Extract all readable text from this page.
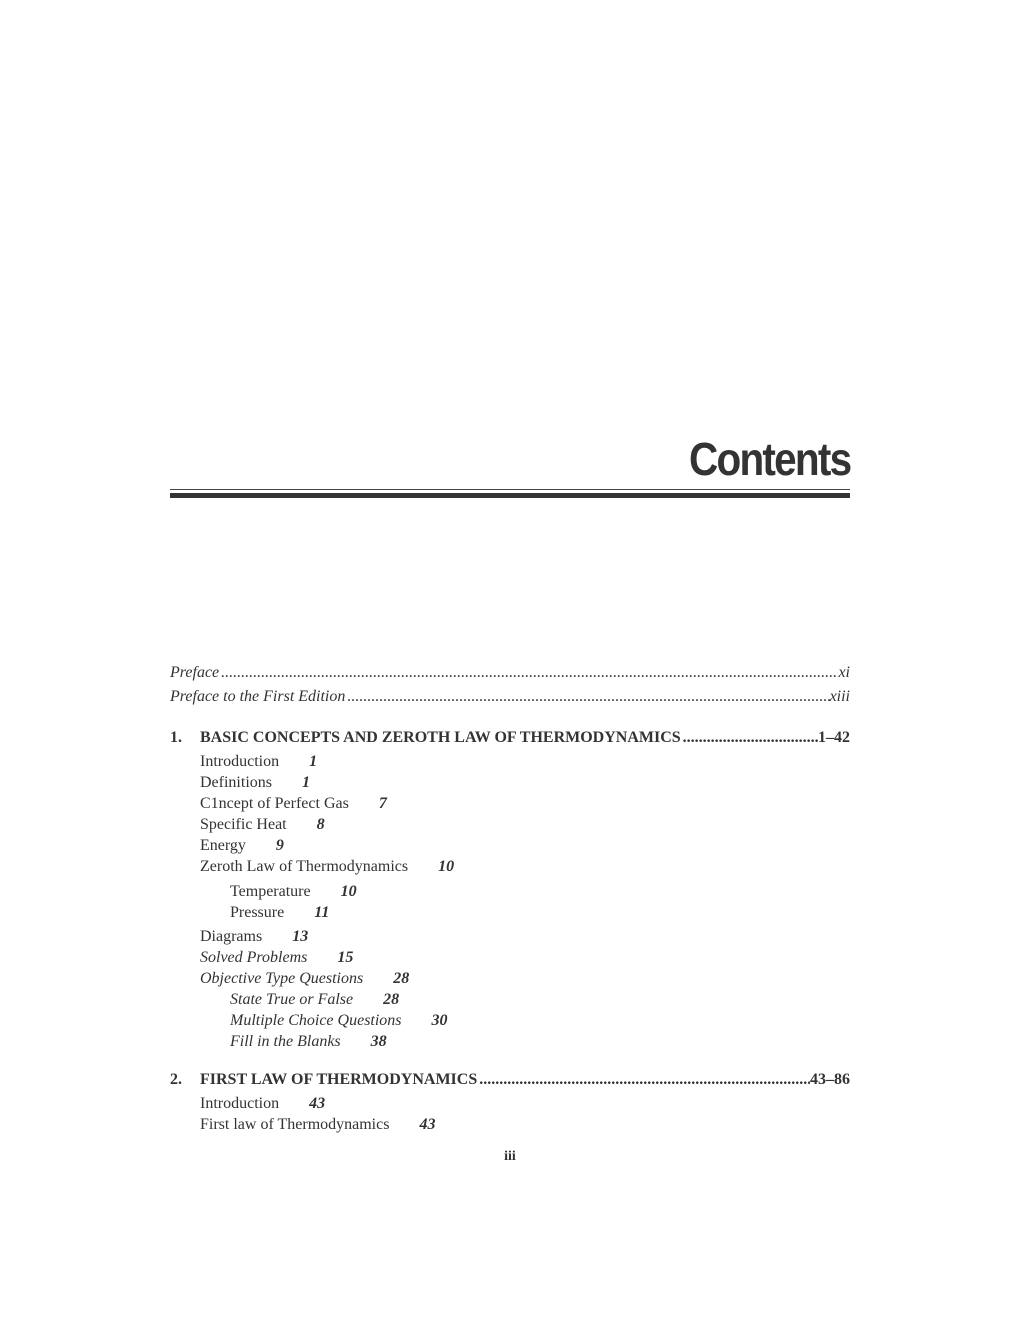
Contents
Preface .....	xi
Preface to the First Edition .....	xiii
1. BASIC CONCEPTS AND ZEROTH LAW OF THERMODYNAMICS .....	1–42
Introduction 1
Definitions 1
C1ncept of Perfect Gas 7
Specific Heat 8
Energy 9
Zeroth Law of Thermodynamics 10
Temperature 10
Pressure 11
Diagrams 13
Solved Problems 15
Objective Type Questions 28
State True or False 28
Multiple Choice Questions 30
Fill in the Blanks 38
2. FIRST LAW OF THERMODYNAMICS .....	43–86
Introduction 43
First law of Thermodynamics 43
iii
